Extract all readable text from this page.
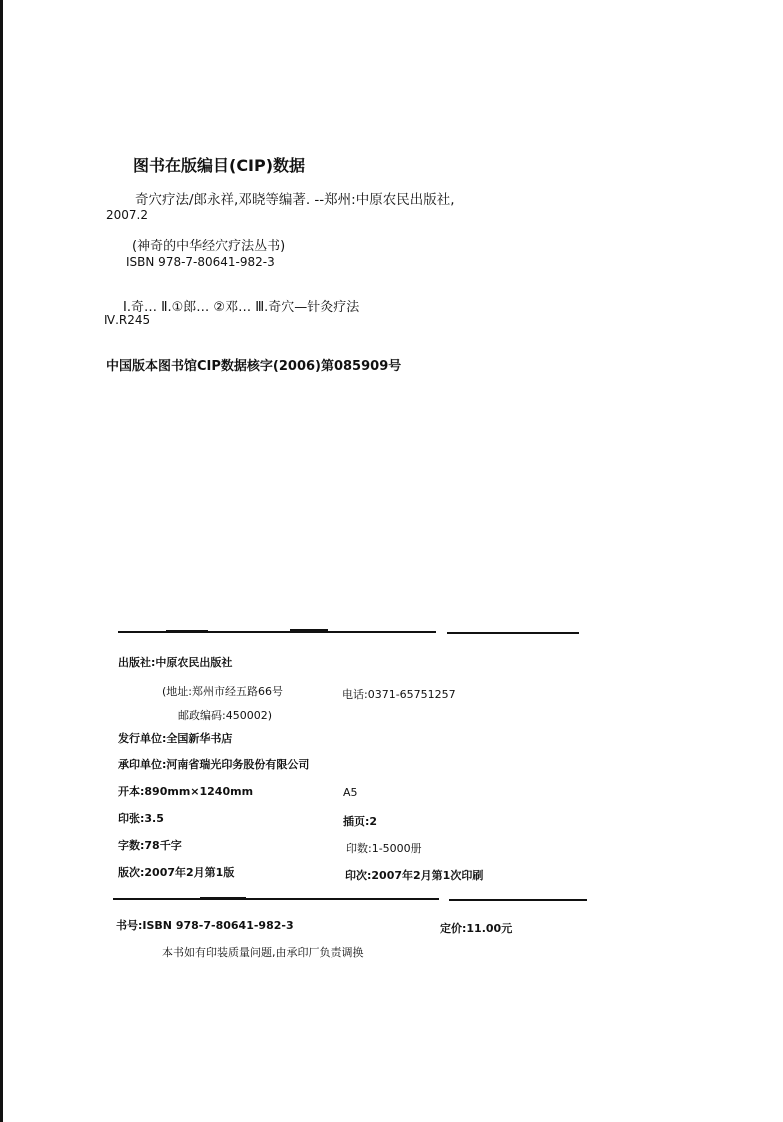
图书在版编目(CIP)数据
奇穴疗法/郎永祥,邓晓等编著. --郑州:中原农民出版社,
2007.2
(神奇的中华经穴疗法丛书)
ISBN 978-7-80641-982-3
Ⅰ.奇… Ⅱ.①郎… ②邓… Ⅲ.奇穴—针灸疗法
Ⅳ.R245
中国版本图书馆CIP数据核字(2006)第085909号
出版社:中原农民出版社
(地址:郑州市经五路66号	电话:0371-65751257
邮政编码:450002)
发行单位:全国新华书店
承印单位:河南省瑞光印务股份有限公司
开本:890mm×1240mm	A5
印张:3.5	插页:2
字数:78千字	印数:1-5000册
版次:2007年2月第1版	印次:2007年2月第1次印刷
书号:ISBN 978-7-80641-982-3	定价:11.00元
本书如有印装质量问题,由承印厂负责调换
